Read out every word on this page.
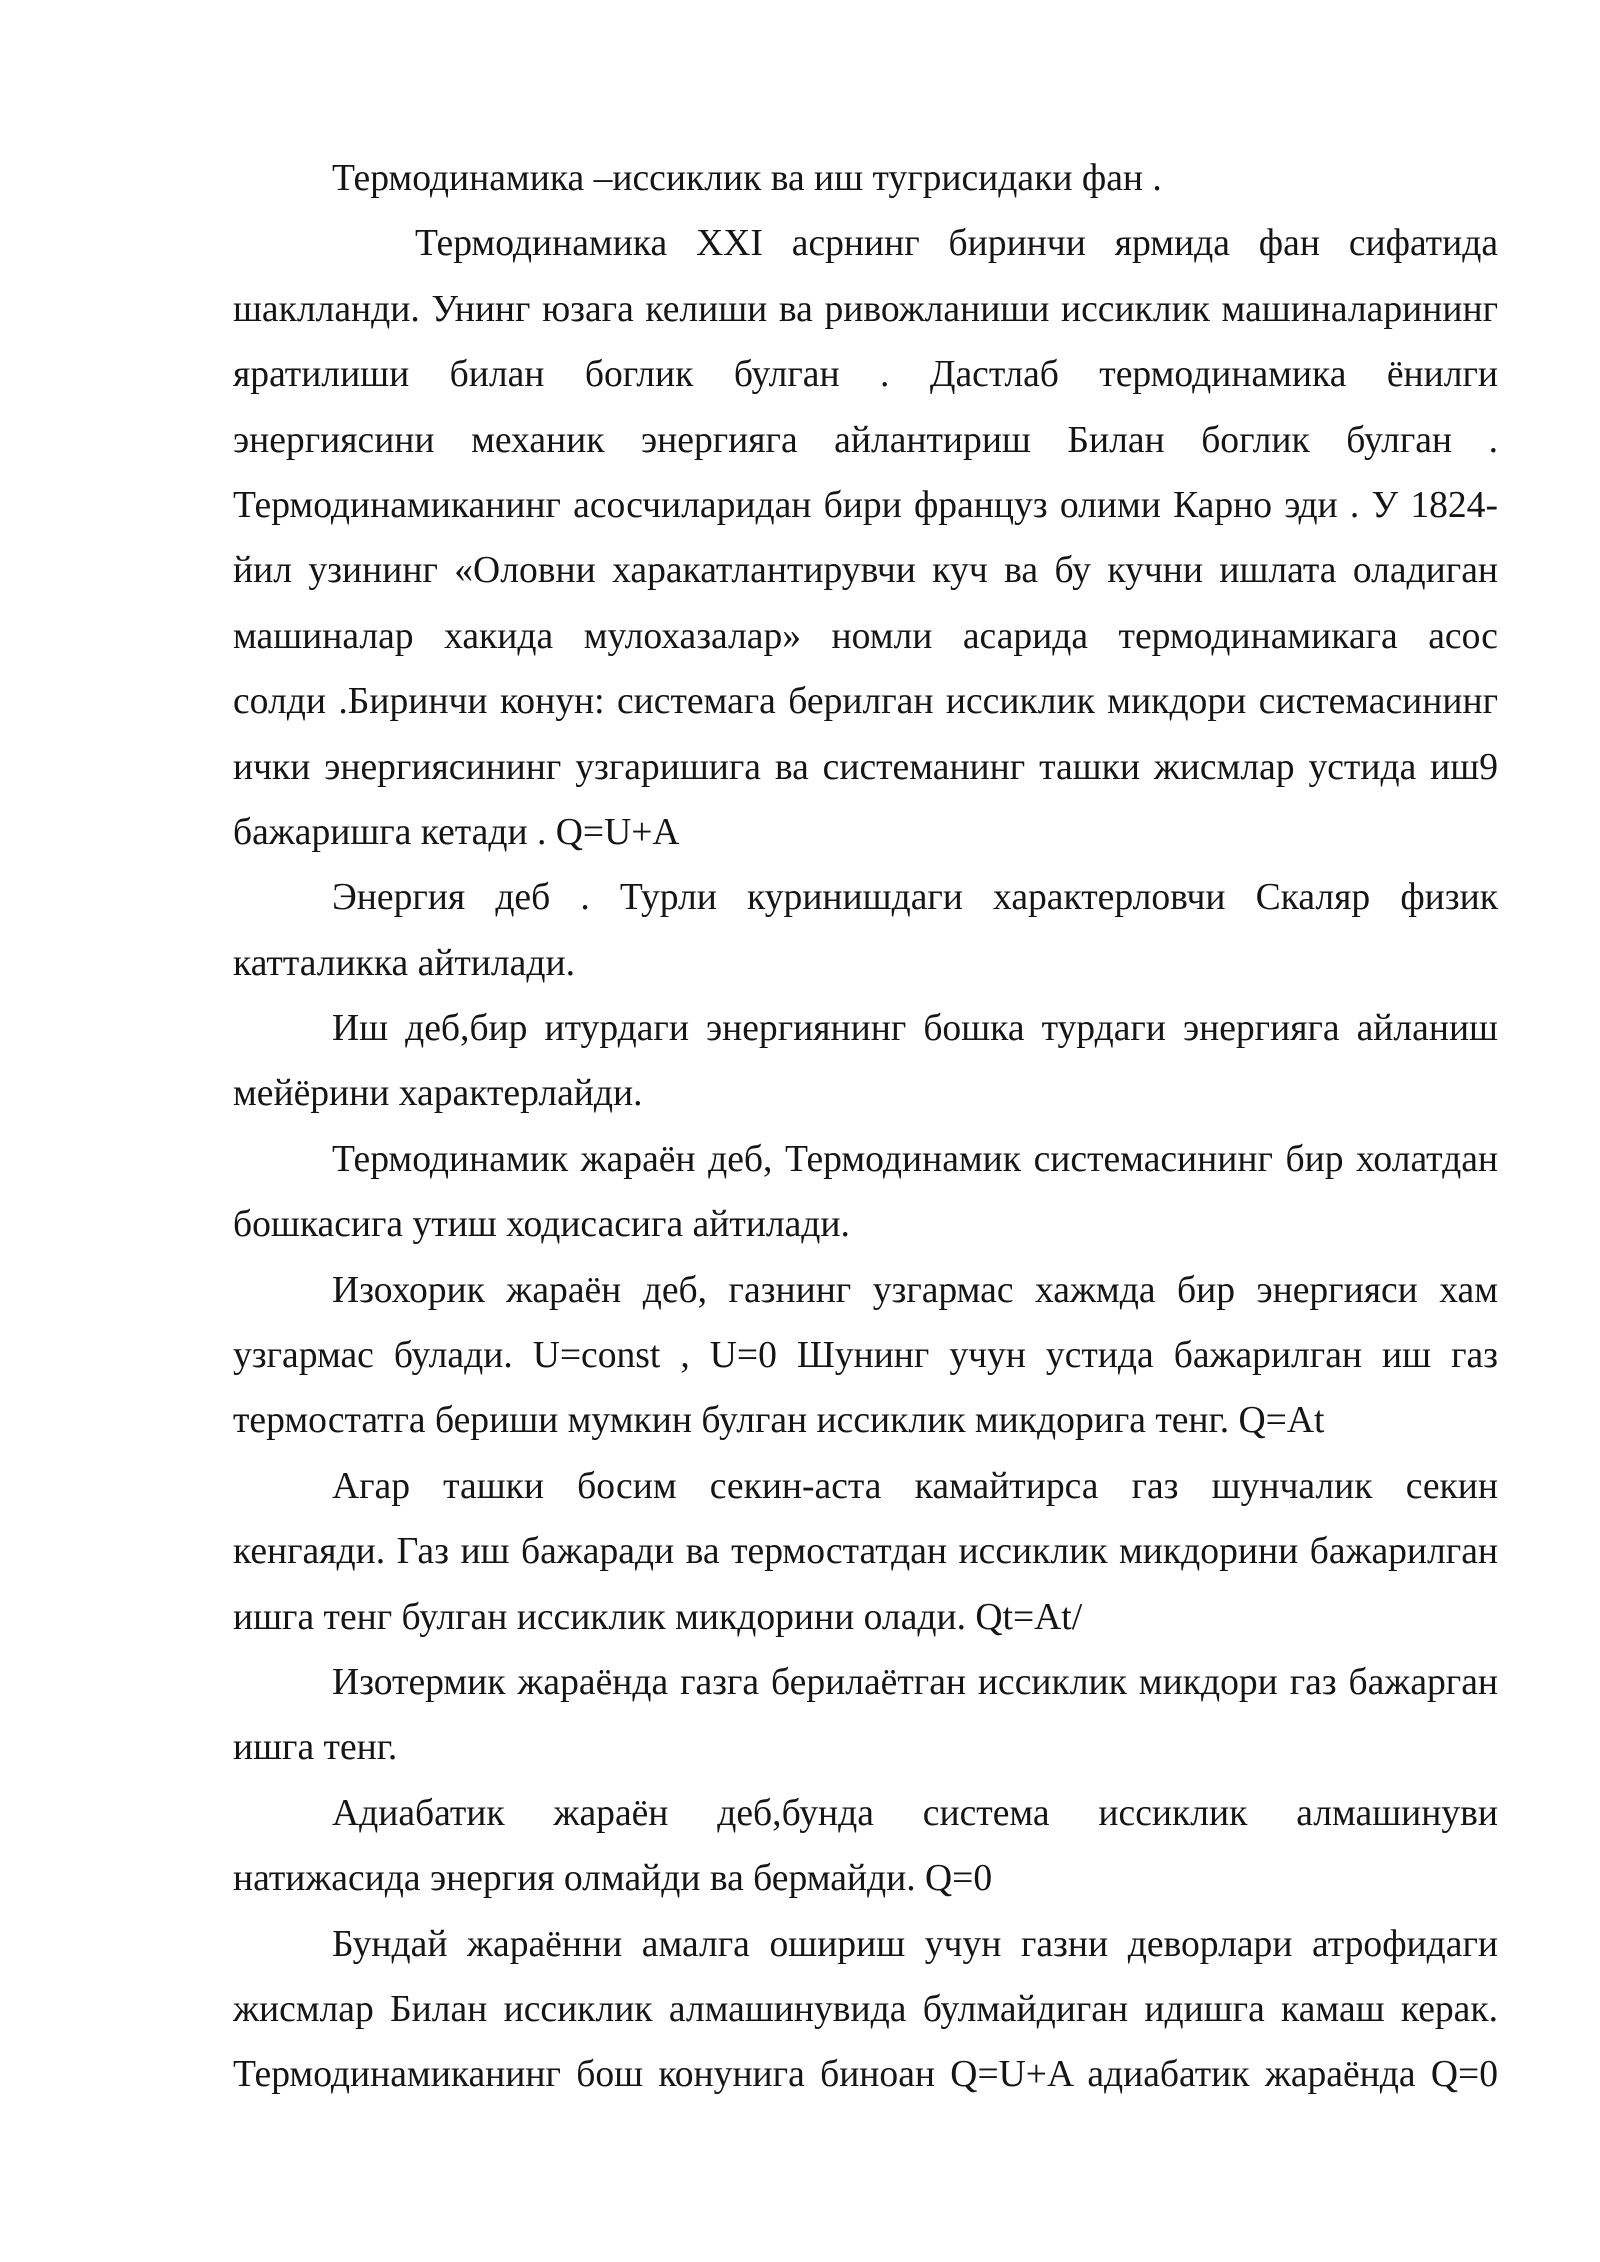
Термодинамика –иссиклик ва иш тугрисидаки фан .
Термодинамика XXI асрнинг биринчи ярмида фан сифатида
шаклланди. Унинг юзага келиши ва ривожланиши иссиклик машиналарининг
яратилиши билан боглик булган . Дастлаб термодинамика ёнилги
энергиясини механик энергияга айлантириш Билан боглик булган .
Термодинамиканинг асосчиларидан бири француз олими Карно эди . У 1824-
йил узининг «Оловни харакатлантирувчи куч ва бу кучни ишлата оладиган
машиналар хакида мулохазалар» номли асарида термодинамикага асос
солди .Биринчи конун: системага берилган иссиклик микдори системасининг
ички энергиясининг узгаришига ва системанинг ташки жисмлар устида иш9
бажаришга кетади . Q=U+A
Энергия деб . Турли куринишдаги характерловчи Скаляр физик
катталикка айтилади.
Иш деб,бир итурдаги энергиянинг бошка турдаги энергияга айланиш
мейёрини характерлайди.
Термодинамик жараён деб, Термодинамик системасининг бир холатдан
бошкасига утиш ходисасига айтилади.
Изохорик жараён деб, газнинг узгармас хажмда бир энергияси хам
узгармас булади. U=const , U=0 Шунинг учун устида бажарилган иш газ
термостатга бериши мумкин булган иссиклик микдорига тенг. Q=At
Агар ташки босим секин-аста камайтирса газ шунчалик секин
кенгаяди. Газ иш бажаради ва термостатдан иссиклик микдорини бажарилган
ишга тенг булган иссиклик микдорини олади. Qt=At/
Изотермик жараёнда газга берилаётган иссиклик микдори газ бажарган
ишга тенг.
Адиабатик жараён деб,бунда система иссиклик алмашинуви
натижасида энергия олмайди ва бермайди. Q=0
Бундай жараённи амалга ошириш учун газни деворлари атрофидаги
жисмлар Билан иссиклик алмашинувида булмайдиган идишга камаш керак.
Термодинамиканинг бош конунига биноан Q=U+A адиабатик жараёнда Q=0
